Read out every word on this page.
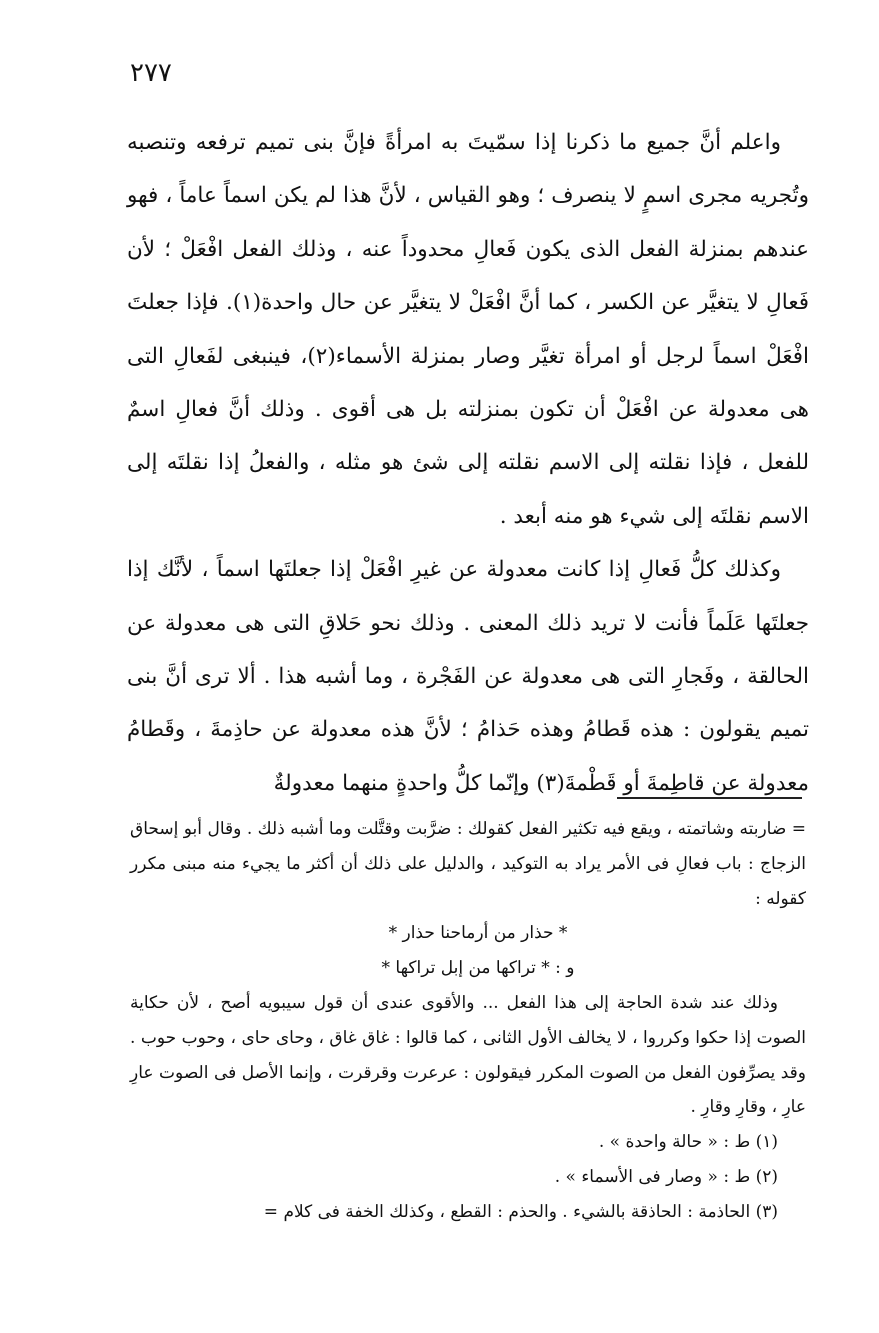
٢٧٧

واعلم أنَّ جميع ما ذكرنا إذا سمّيتَ به امرأةً فإنَّ بنى تميم ترفعه وتنصبه وتُجريه مجرى اسمٍ لا ينصرف ؛ وهو القياس ، لأنَّ هذا لم يكن اسماً عاماً ، فهو عندهم بمنزلة الفعل الذى يكون فَعالِ محدوداً عنه ، وذلك الفعل افْعَلْ ؛ لأن فَعالِ لا يتغيَّر عن الكسر ، كما أنَّ افْعَلْ لا يتغيَّر عن حال واحدة(١). فإذا جعلتَ افْعَلْ اسماً لرجل أو امرأة تغيَّر وصار بمنزلة الأسماء(٢)، فينبغى لفَعالِ التى هى معدولة عن افْعَلْ أن تكون بمنزلته بل هى أقوى . وذلك أنَّ فعالِ اسمٌ للفعل ، فإذا نقلته إلى الاسم نقلته إلى شئ هو مثله ، والفعلُ إذا نقلتَه إلى الاسم نقلتَه إلى شيء هو منه أبعد .

وكذلك كلُّ فَعالِ إذا كانت معدولة عن غيرِ افْعَلْ إذا جعلتَها اسماً ، لأنَّك إذا جعلتَها عَلَماً فأنت لا تريد ذلك المعنى . وذلك نحو حَلاقِ التى هى معدولة عن الحالقة ، وفَجارِ التى هى معدولة عن الفَجْرة ، وما أشبه هذا . ألا ترى أنَّ بنى تميم يقولون : هذه قَطامُ وهذه حَذامُ ؛ لأنَّ هذه معدولة عن حاذِمةَ ، وقَطامُ معدولة عن قاطِمةَ أو قَطْمةَ(٣) وإنّما كلُّ واحدةٍ منهما معدولةٌ

= ضاربته وشاتمته ، ويقع فيه تكثير الفعل كقولك : ضرَّبت وقتَّلت وما أشبه ذلك . وقال أبو إسحاق الزجاج : باب فعالِ فى الأمر يراد به التوكيد ، والدليل على ذلك أن أكثر ما يجيء منه مبنى مكرر كقوله :

* حذار من أرماحنا حذار *

و : * تراكها من إبل تراكها *

وذلك عند شدة الحاجة إلى هذا الفعل ... والأقوى عندى أن قول سيبويه أصح ، لأن حكاية الصوت إذا حكوا وكرروا ، لا يخالف الأول الثانى ، كما قالوا : غاق غاق ، وحاى حاى ، وحوب حوب . وقد يصرِّفون الفعل من الصوت المكرر فيقولون : عرعرت وقرقرت ، وإنما الأصل فى الصوت عارِ عارِ ، وقارِ وقارِ .

(١) ط : « حالة واحدة » .

(٢) ط : « وصار فى الأسماء » .

(٣) الحاذمة : الحاذقة بالشيء . والحذم : القطع ، وكذلك الخفة فى كلام =
